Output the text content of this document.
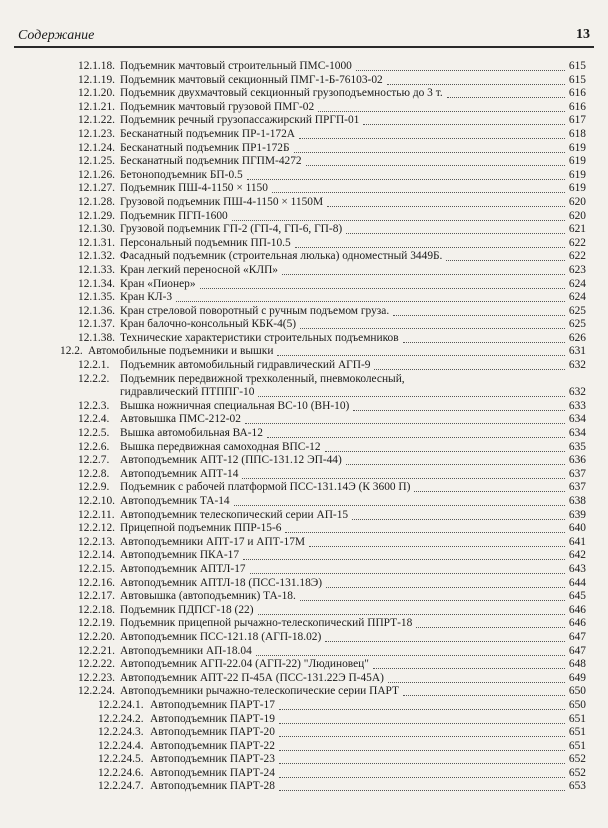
Содержание	13
12.1.18. Подъемник мачтовый строительный ПМС-1000	615
12.1.19. Подъемник мачтовый секционный ПМГ-1-Б-76103-02	615
12.1.20. Подъемник двухмачтовый секционный грузоподъемностью до 3 т.	616
12.1.21. Подъемник мачтовый грузовой ПМГ-02	616
12.1.22. Подъемник речный грузопассажирский ПРГП-01	617
12.1.23. Бесканатный подъемник ПР-1-172А	618
12.1.24. Бесканатный подъемник ПР1-172Б	619
12.1.25. Бесканатный подъемник ПГПМ-4272	619
12.1.26. Бетоноподъемник БП-0.5	619
12.1.27. Подъемник ПШ-4-1150 × 1150	619
12.1.28. Грузовой подъемник ПШ-4-1150 × 1150М	620
12.1.29. Подъемник ПГП-1600	620
12.1.30. Грузовой подъемник ГП-2 (ГП-4, ГП-6, ГП-8)	621
12.1.31. Персональный подъемник ПП-10.5	622
12.1.32. Фасадный подъемник (строительная люлька) одноместный 3449Б.	622
12.1.33. Кран легкий переносной «КЛП»	623
12.1.34. Кран «Пионер»	624
12.1.35. Кран КЛ-3	624
12.1.36. Кран стреловой поворотный с ручным подъемом груза.	625
12.1.37. Кран балочно-консольный КБК-4(5)	625
12.1.38. Технические характеристики строительных подъемников	626
12.2. Автомобильные подъемники и вышки	631
12.2.1. Подъемник автомобильный гидравлический АГП-9	632
12.2.2. Подъемник передвижной трехколенный, пневмоколесный,
гидравлический ПТППГ-10	632
12.2.3. Вышка ножничная специальная ВС-10 (ВН-10)	633
12.2.4. Автовышка ПМС-212-02	634
12.2.5. Вышка автомобильная ВА-12	634
12.2.6. Вышка передвижная самоходная ВПС-12	635
12.2.7. Автоподъемник АПТ-12 (ППС-131.12 ЭП-44)	636
12.2.8. Автоподъемник АПТ-14	637
12.2.9. Подъемник с рабочей платформой ПСС-131.14Э (К 3600 П)	637
12.2.10. Автоподъемник ТА-14	638
12.2.11. Автоподъемник телескопический серии АП-15	639
12.2.12. Прицепной подъемник ППР-15-6	640
12.2.13. Автоподъемники АПТ-17 и АПТ-17М	641
12.2.14. Автоподъемник ПКА-17	642
12.2.15. Автоподъемник АПТЛ-17	643
12.2.16. Автоподъемник АПТЛ-18 (ПСС-131.18Э)	644
12.2.17. Автовышка (автоподъемник) ТА-18.	645
12.2.18. Подъемник ПДПСГ-18 (22)	646
12.2.19. Подъемник прицепной рычажно-телескопический ППРТ-18	646
12.2.20. Автоподъемник ПСС-121.18 (АГП-18.02)	647
12.2.21. Автоподъемники АП-18.04	647
12.2.22. Автоподъемник АГП-22.04 (АГП-22) "Людиновец"	648
12.2.23. Автоподъемник АПТ-22 П-45А (ПСС-131.22Э П-45А)	649
12.2.24. Автоподъемники рычажно-телескопические серии ПАРТ	650
12.2.24.1. Автоподъемник ПАРТ-17	650
12.2.24.2. Автоподъемник ПАРТ-19	651
12.2.24.3. Автоподъемник ПАРТ-20	651
12.2.24.4. Автоподъемник ПАРТ-22	651
12.2.24.5. Автоподъемник ПАРТ-23	652
12.2.24.6. Автоподъемник ПАРТ-24	652
12.2.24.7. Автоподъемник ПАРТ-28	653
